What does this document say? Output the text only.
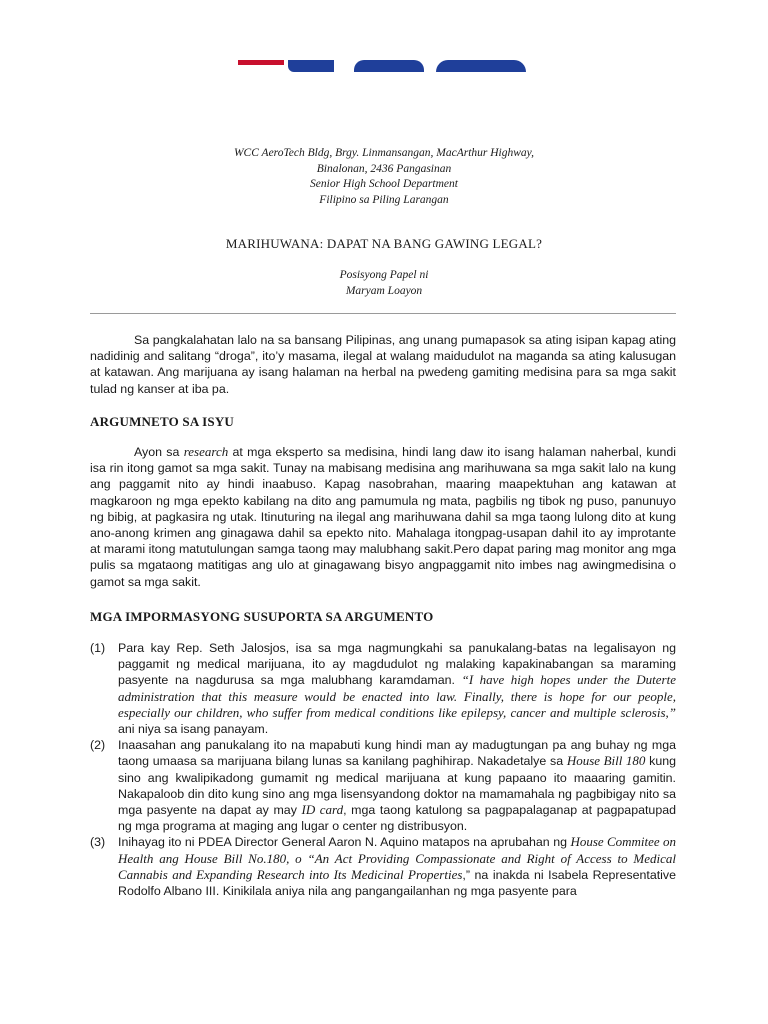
WCC AeroTech Bldg, Brgy. Linmansangan, MacArthur Highway,
Binalonan, 2436 Pangasinan
Senior High School Department
Filipino sa Piling Larangan
MARIHUWANA: DAPAT NA BANG GAWING LEGAL?
Posisyong Papel ni
Maryam Loayon

Sa pangkalahatan lalo na sa bansang Pilipinas, ang unang pumapasok sa ating isipan kapag ating nadidinig and salitang “droga”, ito’y masama, ilegal at walang maidudulot na maganda sa ating kalusugan at katawan. Ang marijuana ay isang halaman na herbal na pwedeng gamiting medisina para sa mga sakit tulad ng kanser at iba pa.

ARGUMNETO SA ISYU

Ayon sa research at mga eksperto sa medisina, hindi lang daw ito isang halaman naherbal, kundi isa rin itong gamot sa mga sakit. Tunay na mabisang medisina ang marihuwana sa mga sakit lalo na kung ang paggamit nito ay hindi inaabuso. Kapag nasobrahan, maaring maapektuhan ang katawan at magkaroon ng mga epekto kabilang na dito ang pamumula ng mata, pagbilis ng tibok ng puso, panunuyo ng bibig, at pagkasira ng utak. Itinuturing na ilegal ang marihuwana dahil sa mga taong lulong dito at kung ano-anong krimen ang ginagawa dahil sa epekto nito. Mahalaga itongpag-usapan dahil ito ay improtante at marami itong matutulungan samga taong may malubhang sakit.Pero dapat paring mag monitor ang mga pulis sa mgataong matitigas ang ulo at ginagawang bisyo angpaggamit nito imbes nag awingmedisina o gamot sa mga sakit.

MGA IMPORMASYONG SUSUPORTA SA ARGUMENTO
(1) Para kay Rep. Seth Jalosjos, isa sa mga nagmungkahi sa panukalang-batas na legalisayon ng paggamit ng medical marijuana, ito ay magdudulot ng malaking kapakinabangan sa maraming pasyente na nagdurusa sa mga malubhang karamdaman. “I have high hopes under the Duterte administration that this measure would be enacted into law. Finally, there is hope for our people, especially our children, who suffer from medical conditions like epilepsy, cancer and multiple sclerosis,” ani niya sa isang panayam.
(2) Inaasahan ang panukalang ito na mapabuti kung hindi man ay madugtungan pa ang buhay ng mga taong umaasa sa marijuana bilang lunas sa kanilang paghihirap. Nakadetalye sa House Bill 180 kung sino ang kwalipikadong gumamit ng medical marijuana at kung papaano ito maaaring gamitin. Nakapaloob din dito kung sino ang mga lisensyandong doktor na mamamahala ng pagbibigay nito sa mga pasyente na dapat ay may ID card, mga taong katulong sa pagpapalaganap at pagpapatupad ng mga programa at maging ang lugar o center ng distribusyon.
(3) Inihayag ito ni PDEA Director General Aaron N. Aquino matapos na aprubahan ng House Commitee on Health ang House Bill No.180, o “An Act Providing Compassionate and Right of Access to Medical Cannabis and Expanding Research into Its Medicinal Properties,” na inakda ni Isabela Representative Rodolfo Albano III. Kinikilala aniya nila ang pangangailanhan ng mga pasyente para
